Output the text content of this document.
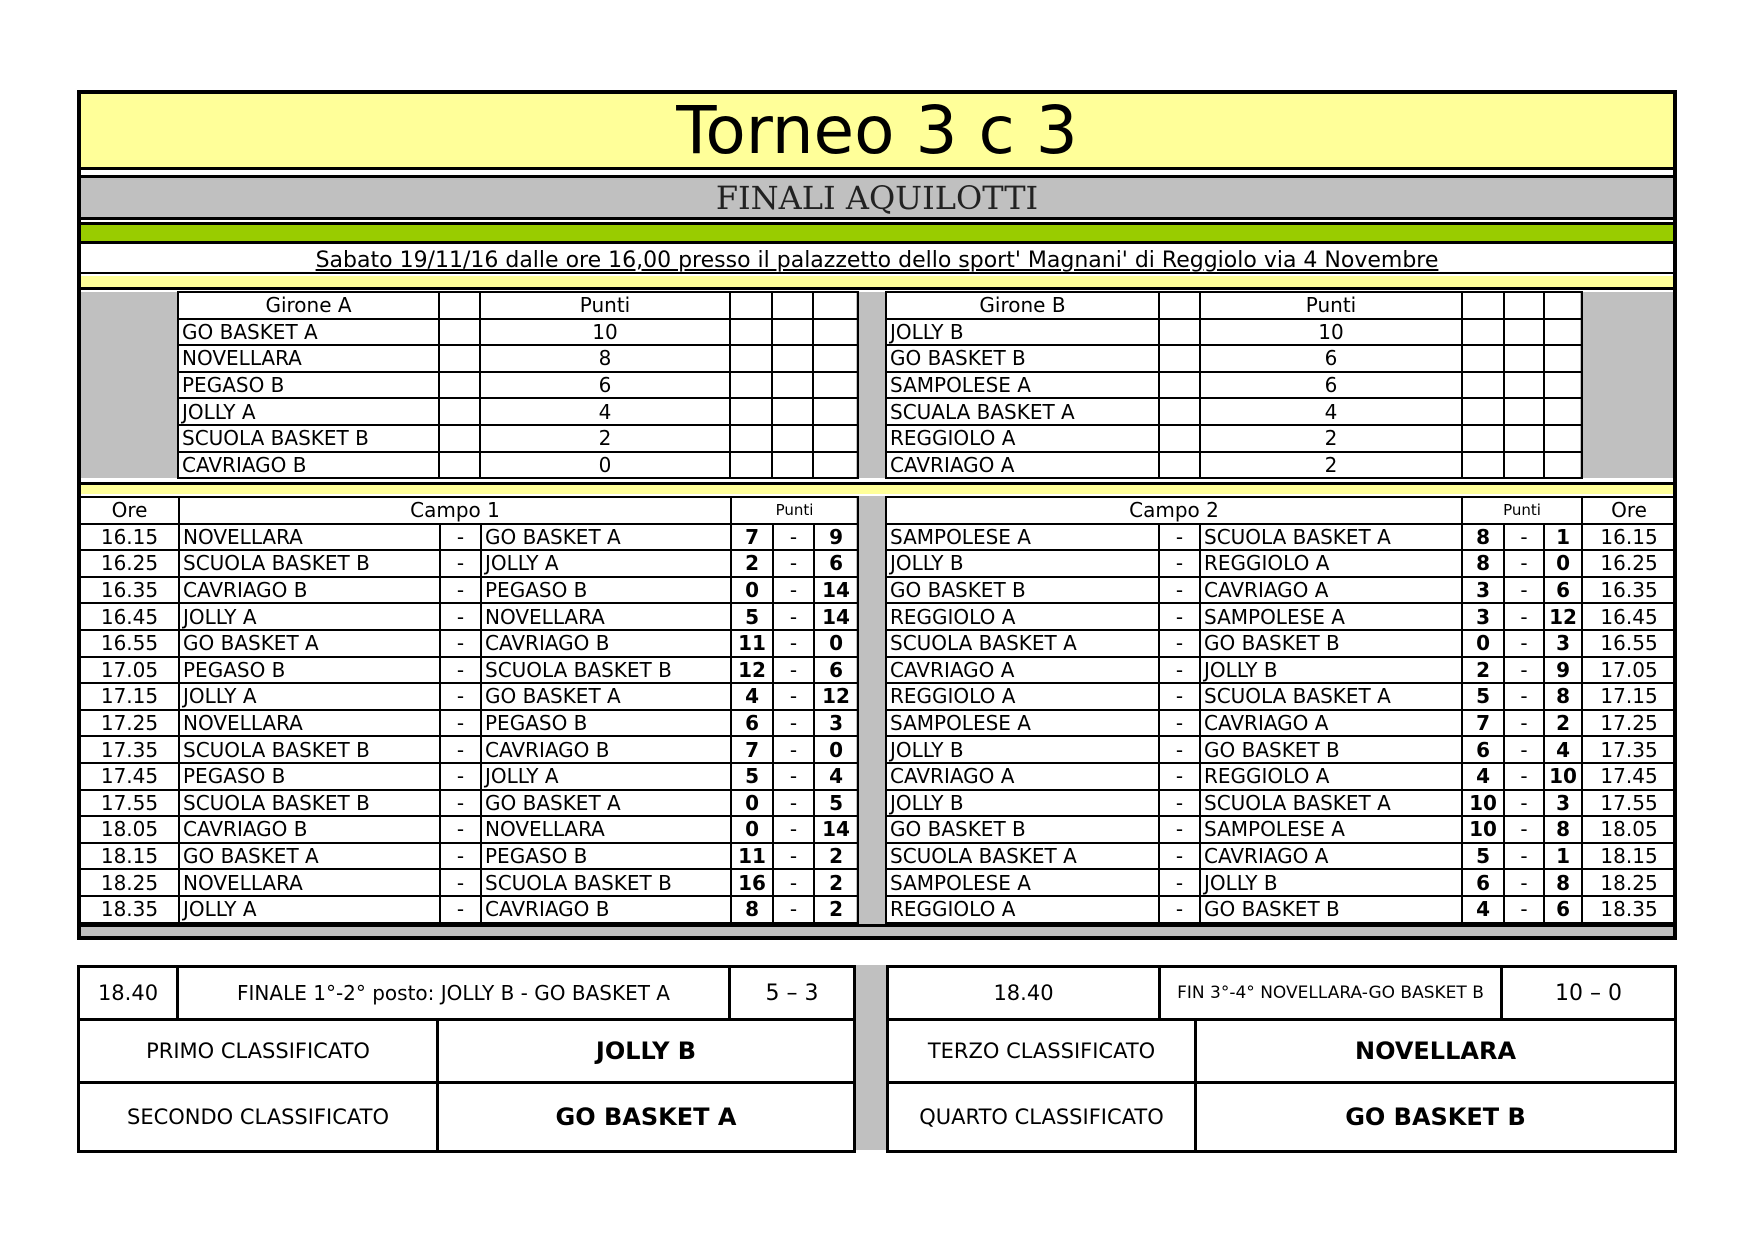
Torneo 3 c 3
FINALI AQUILOTTI
Sabato 19/11/16 dalle ore 16,00 presso il palazzetto dello sport' Magnani' di Reggiolo via 4 Novembre
Girone A		Punti			
GO BASKET A		10			
NOVELLARA		8			
PEGASO B		6			
JOLLY A		4			
SCUOLA BASKET B		2			
CAVRIAGO B		0			
Girone B		Punti			
JOLLY B		10			
GO BASKET B		6			
SAMPOLESE A		6			
SCUALA BASKET A		4			
REGGIOLO A		2			
CAVRIAGO A		2			
Ore	Campo 1			Punti		
16.15	NOVELLARA	-	GO BASKET A	7	-	9
16.25	SCUOLA BASKET B	-	JOLLY A	2	-	6
16.35	CAVRIAGO B	-	PEGASO B	0	-	14
16.45	JOLLY A	-	NOVELLARA	5	-	14
16.55	GO BASKET A	-	CAVRIAGO B	11	-	0
17.05	PEGASO B	-	SCUOLA BASKET B	12	-	6
17.15	JOLLY A	-	GO BASKET A	4	-	12
17.25	NOVELLARA	-	PEGASO B	6	-	3
17.35	SCUOLA BASKET B	-	CAVRIAGO B	7	-	0
17.45	PEGASO B	-	JOLLY A	5	-	4
17.55	SCUOLA BASKET B	-	GO BASKET A	0	-	5
18.05	CAVRIAGO B	-	NOVELLARA	0	-	14
18.15	GO BASKET A	-	PEGASO B	11	-	2
18.25	NOVELLARA	-	SCUOLA BASKET B	16	-	2
18.35	JOLLY A	-	CAVRIAGO B	8	-	2
Campo 2			Punti			Ore
SAMPOLESE A	-	SCUOLA BASKET A	8	-	1	16.15
JOLLY B	-	REGGIOLO A	8	-	0	16.25
GO BASKET B	-	CAVRIAGO A	3	-	6	16.35
REGGIOLO A	-	SAMPOLESE A	3	-	12	16.45
SCUOLA BASKET A	-	GO BASKET B	0	-	3	16.55
CAVRIAGO A	-	JOLLY B	2	-	9	17.05
REGGIOLO A	-	SCUOLA BASKET A	5	-	8	17.15
SAMPOLESE A	-	CAVRIAGO A	7	-	2	17.25
JOLLY B	-	GO BASKET B	6	-	4	17.35
CAVRIAGO A	-	REGGIOLO A	4	-	10	17.45
JOLLY B	-	SCUOLA BASKET A	10	-	3	17.55
GO BASKET B	-	SAMPOLESE A	10	-	8	18.05
SCUOLA BASKET A	-	CAVRIAGO A	5	-	1	18.15
SAMPOLESE A	-	JOLLY B	6	-	8	18.25
REGGIOLO A	-	GO BASKET B	4	-	6	18.35
18.40	FINALE 1°-2° posto: JOLLY B - GO BASKET A	5 – 3
PRIMO CLASSIFICATO	JOLLY B
SECONDO CLASSIFICATO	GO BASKET A
18.40	FIN 3°-4° NOVELLARA-GO BASKET B	10 – 0
TERZO CLASSIFICATO	NOVELLARA
QUARTO CLASSIFICATO	GO BASKET B
